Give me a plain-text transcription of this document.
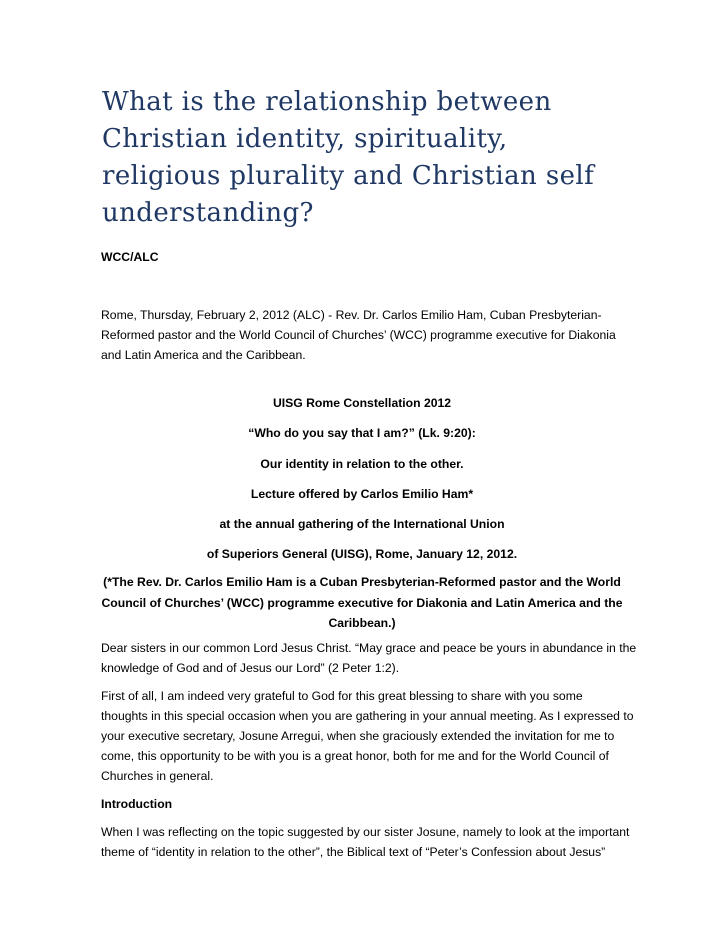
What is the relationship between
Christian identity, spirituality,
religious plurality and Christian self
understanding?
WCC/ALC
Rome, Thursday, February 2, 2012 (ALC) - Rev. Dr. Carlos Emilio Ham, Cuban Presbyterian-
Reformed pastor and the World Council of Churches’ (WCC) programme executive for Diakonia
and Latin America and the Caribbean.
UISG Rome Constellation 2012
“Who do you say that I am?” (Lk. 9:20):
Our identity in relation to the other.
Lecture offered by Carlos Emilio Ham*
at the annual gathering of the International Union
of Superiors General (UISG), Rome, January 12, 2012.
(*The Rev. Dr. Carlos Emilio Ham is a Cuban Presbyterian-Reformed pastor and the World
Council of Churches’ (WCC) programme executive for Diakonia and Latin America and the
Caribbean.)
Dear sisters in our common Lord Jesus Christ. “May grace and peace be yours in abundance in the
knowledge of God and of Jesus our Lord” (2 Peter 1:2).
First of all, I am indeed very grateful to God for this great blessing to share with you some
thoughts in this special occasion when you are gathering in your annual meeting. As I expressed to
your executive secretary, Josune Arregui, when she graciously extended the invitation for me to
come, this opportunity to be with you is a great honor, both for me and for the World Council of
Churches in general.
Introduction
When I was reflecting on the topic suggested by our sister Josune, namely to look at the important
theme of “identity in relation to the other”, the Biblical text of “Peter’s Confession about Jesus”
